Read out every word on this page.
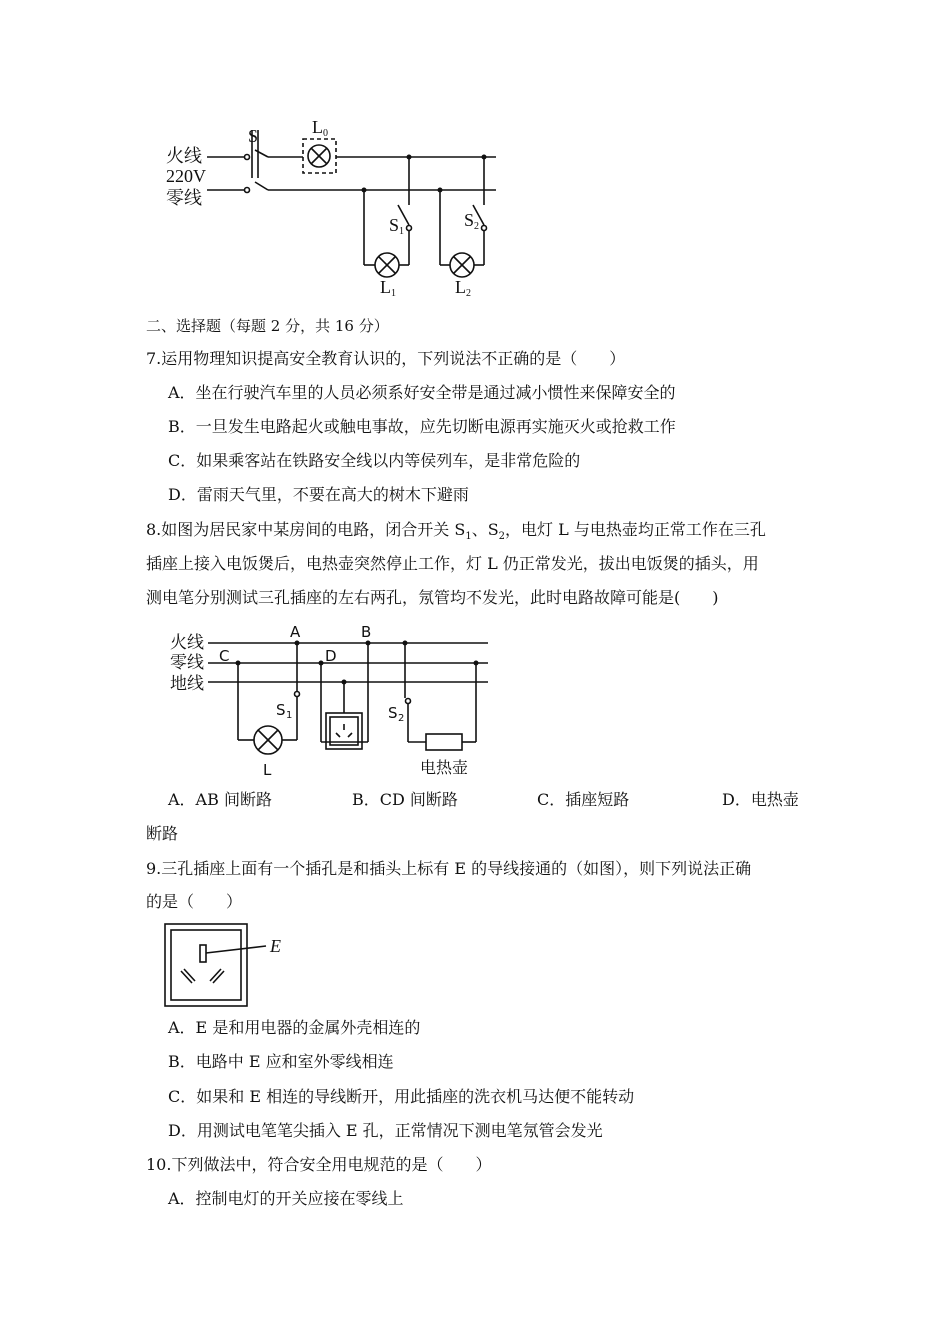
火线
220V
零线
S	L 0
S 1
S 2
L 1	L 2
二、选择题（每题 2 分，共 16 分）
7.运用物理知识提高安全教育认识的，下列说法不正确的是（　　）
A．坐在行驶汽车里的人员必须系好安全带是通过减小惯性来保障安全的
B．一旦发生电路起火或触电事故，应先切断电源再实施灭火或抢救工作
C．如果乘客站在铁路安全线以内等侯列车，是非常危险的
D．雷雨天气里，不要在高大的树木下避雨
8.如图为居民家中某房间的电路，闭合开关 $S_1$、$S_2$，电灯 L 与电热壶均正常工作在三孔
插座上接入电饭煲后，电热壶突然停止工作，灯 L 仍正常发光，拔出电饭煲的插头，用
测电笔分别测试三孔插座的左右两孔，氖管均不发光，此时电路故障可能是(　　)
火线
零线
地线
A	B
C	D
S 1	S 2
L	电热壶
A．AB 间断路	B．CD 间断路	C．插座短路	D．电热壶
断路
9.三孔插座上面有一个插孔是和插头上标有 E 的导线接通的（如图），则下列说法正确
的是（　　）
E
A．E 是和用电器的金属外壳相连的
B．电路中 E 应和室外零线相连
C．如果和 E 相连的导线断开，用此插座的洗衣机马达便不能转动
D．用测试电笔笔尖插入 E 孔，正常情况下测电笔氖管会发光
10.下列做法中，符合安全用电规范的是（　　）
A．控制电灯的开关应接在零线上
